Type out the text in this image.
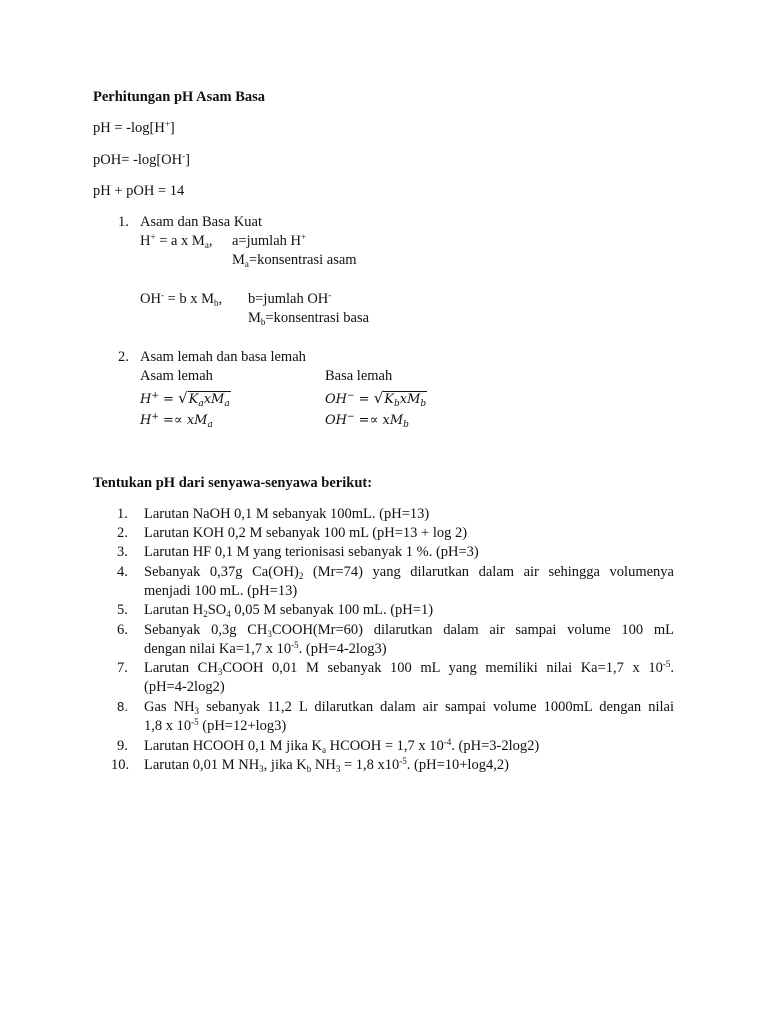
Perhitungan pH Asam Basa
pH = -log[H+]
pOH= -log[OH-]
pH + pOH = 14
1. Asam dan Basa Kuat
H+ = a x $M_a$, a=jumlah H+
$M_a=konsentrasi$ asam
OH- = b x $M_b$, b=jumlah OH-
$M_b=konsentrasi$ basa
2. Asam lemah dan basa lemah
Asam lemah	Basa lemah
$H^+ = √K_axM_a$
$H^+ =\propto xM_a$
$OH^- = √K_bxM_b$
$OH^- =\propto xM_b$
Tentukan pH dari senyawa-senyawa berikut:
1. Larutan NaOH 0,1 M sebanyak 100mL. (pH=13)
2. Larutan KOH 0,2 M sebanyak 100 mL (pH=13 + log 2)
3. Larutan HF 0,1 M yang terionisasi sebanyak 1 %. (pH=3)
4. Sebanyak 0,37g $Ca(OH)_2$ (Mr=74) yang dilarutkan dalam air sehingga volumenya
menjadi 100 mL. (pH=13)
5. Larutan $H_2SO_4$ 0,05 M sebanyak 100 mL. (pH=1)
6. Sebanyak 0,3g $CH_3COOH(Mr=60)$ dilarutkan dalam air sampai volume 100 mL
dengan nilai Ka=1,7 x $10^{-5}$. (pH=4-2log3)
7. Larutan $CH_3COOH$ 0,01 M sebanyak 100 mL yang memiliki nilai Ka=1,7 x $10^{-5}$.
(pH=4-2log2)
8. Gas $NH_3$ sebanyak 11,2 L dilarutkan dalam air sampai volume 1000mL dengan nilai
1,8 x $10^{-5}$ (pH=12+log3)
9. Larutan HCOOH 0,1 M jika $K_a$ HCOOH = 1,7 x $10^{-4}$. (pH=3-2log2)
10. Larutan 0,01 M $NH_3$, jika $K_b$ $NH_3 = 1,8$ $x10^{-5}$. (pH=10+log4,2)
